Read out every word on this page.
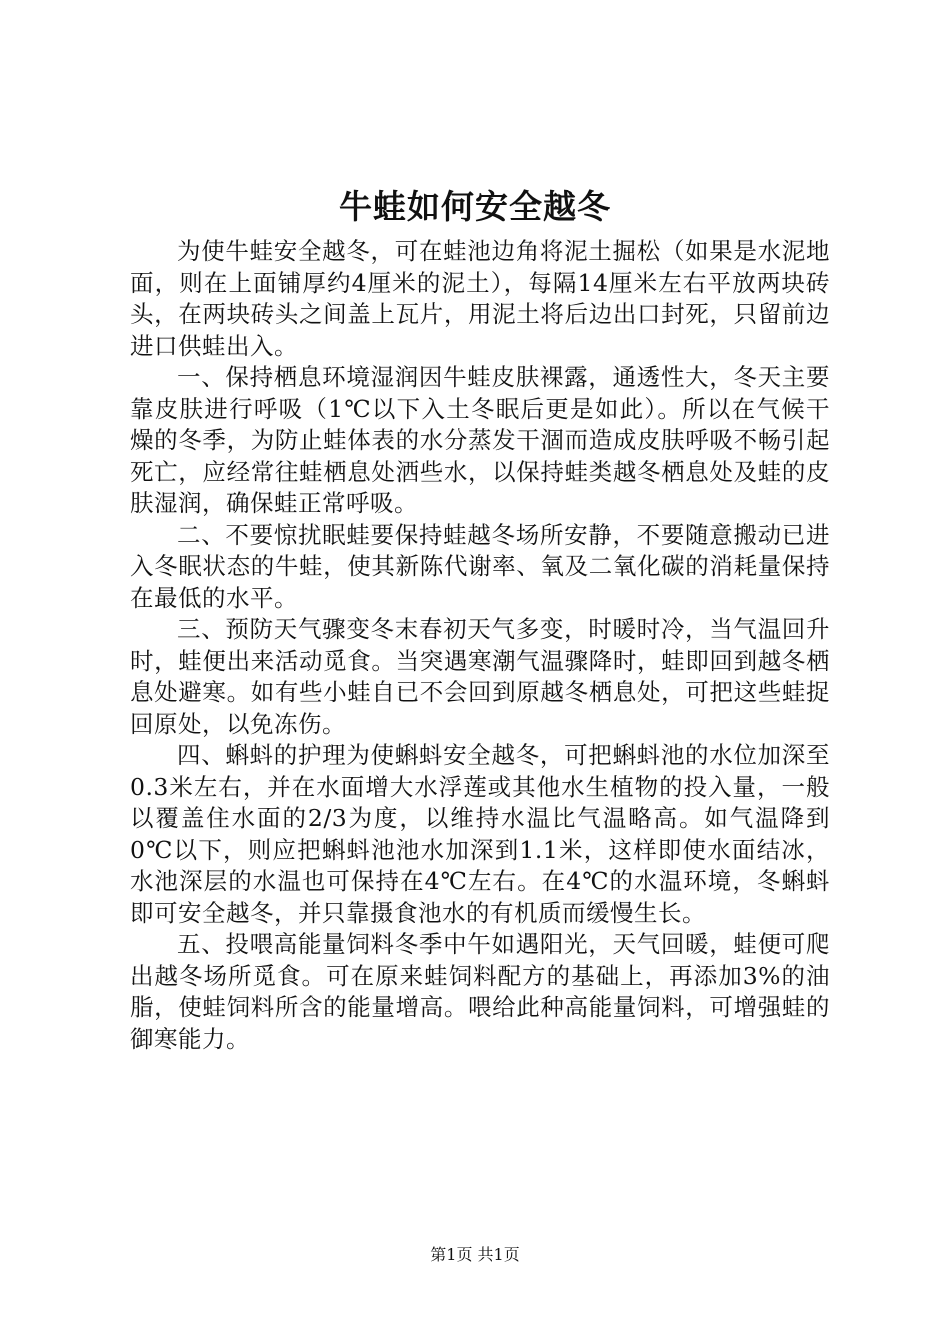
牛蛙如何安全越冬

为使牛蛙安全越冬，可在蛙池边角将泥土掘松（如果是水泥地面，则在上面铺厚约4厘米的泥土），每隔14厘米左右平放两块砖头，在两块砖头之间盖上瓦片，用泥土将后边出口封死，只留前边进口供蛙出入。

一、保持栖息环境湿润因牛蛙皮肤裸露，通透性大，冬天主要靠皮肤进行呼吸（1℃以下入土冬眠后更是如此）。所以在气候干燥的冬季，为防止蛙体表的水分蒸发干涸而造成皮肤呼吸不畅引起死亡，应经常往蛙栖息处洒些水，以保持蛙类越冬栖息处及蛙的皮肤湿润，确保蛙正常呼吸。

二、不要惊扰眠蛙要保持蛙越冬场所安静，不要随意搬动已进入冬眠状态的牛蛙，使其新陈代谢率、氧及二氧化碳的消耗量保持在最低的水平。

三、预防天气骤变冬末春初天气多变，时暖时冷，当气温回升时，蛙便出来活动觅食。当突遇寒潮气温骤降时，蛙即回到越冬栖息处避寒。如有些小蛙自已不会回到原越冬栖息处，可把这些蛙捉回原处，以免冻伤。

四、蝌蚪的护理为使蝌蚪安全越冬，可把蝌蚪池的水位加深至0.3米左右，并在水面增大水浮莲或其他水生植物的投入量，一般以覆盖住水面的2/3为度，以维持水温比气温略高。如气温降到0℃以下，则应把蝌蚪池池水加深到1.1米，这样即使水面结冰，水池深层的水温也可保持在4℃左右。在4℃的水温环境，冬蝌蚪即可安全越冬，并只靠摄食池水的有机质而缓慢生长。

五、投喂高能量饲料冬季中午如遇阳光，天气回暖，蛙便可爬出越冬场所觅食。可在原来蛙饲料配方的基础上，再添加3%的油脂，使蛙饲料所含的能量增高。喂给此种高能量饲料，可增强蛙的御寒能力。

第1页 共1页
